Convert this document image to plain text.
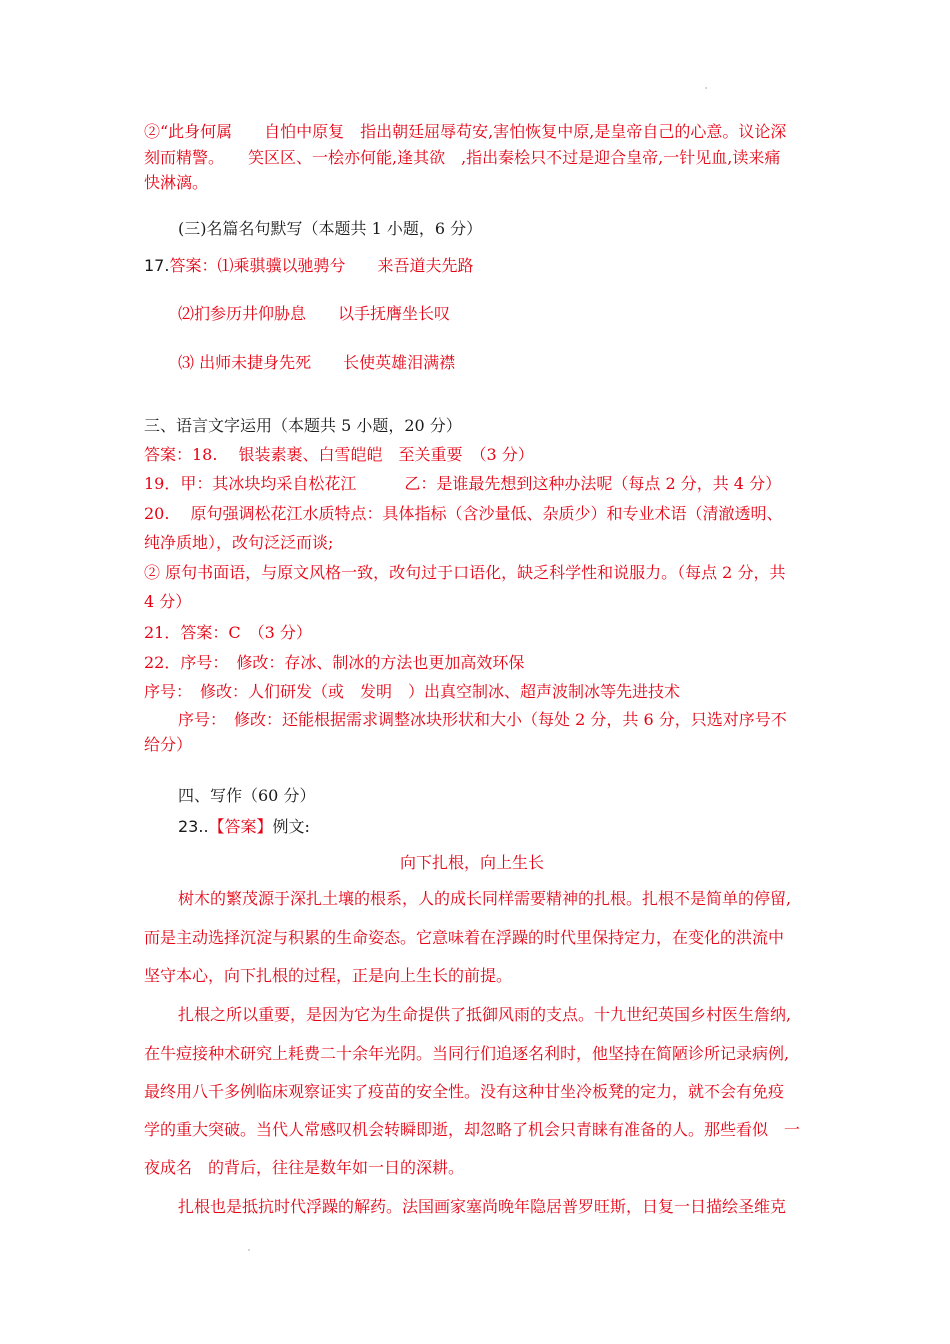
②“此身何属　　自怕中原复　指出朝廷屈辱苟安,害怕恢复中原,是皇帝自己的心意。议论深
刻而精警。　　笑区区、一桧亦何能,逢其欲　,指出秦桧只不过是迎合皇帝,一针见血,读来痛
快淋漓。
(三)名篇名句默写（本题共 1 小题，6 分）
17.答案：⑴乘骐骥以驰骋兮　　来吾道夫先路
⑵扪参历井仰胁息　　以手抚膺坐长叹
⑶ 出师未捷身先死　　长使英雄泪满襟
三、语言文字运用（本题共 5 小题，20 分）
答案：18.　 银装素裹、白雪皑皑　至关重要　（3 分）
19．甲：其冰块均采自松花江　　　乙：是谁最先想到这种办法呢（每点 2 分，共 4 分）
20.　 原句强调松花江水质特点：具体指标（含沙量低、杂质少）和专业术语（清澈透明、
纯净质地），改句泛泛而谈;
② 原句书面语，与原文风格一致，改句过于口语化，缺乏科学性和说服力。（每点 2 分，共
4 分）
21．答案：C　（3 分）
22．序号：　修改：存冰、制冰的方法也更加高效环保
序号：　修改：人们研发（或　发明　）出真空制冰、超声波制冰等先进技术
序号：　修改：还能根据需求调整冰块形状和大小（每处 2 分，共 6 分，只选对序号不
给分）
四、写作（60 分）
23..【答案】例文:
向下扎根，向上生长
树木的繁茂源于深扎土壤的根系，人的成长同样需要精神的扎根。扎根不是简单的停留,
而是主动选择沉淀与积累的生命姿态。它意味着在浮躁的时代里保持定力，在变化的洪流中
坚守本心，向下扎根的过程，正是向上生长的前提。
扎根之所以重要，是因为它为生命提供了抵御风雨的支点。十九世纪英国乡村医生詹纳,
在牛痘接种术研究上耗费二十余年光阴。当同行们追逐名利时，他坚持在简陋诊所记录病例,
最终用八千多例临床观察证实了疫苗的安全性。没有这种甘坐冷板凳的定力，就不会有免疫
学的重大突破。当代人常感叹机会转瞬即逝，却忽略了机会只青睐有准备的人。那些看似　一
夜成名　的背后，往往是数年如一日的深耕。
扎根也是抵抗时代浮躁的解药。法国画家塞尚晚年隐居普罗旺斯，日复一日描绘圣维克
